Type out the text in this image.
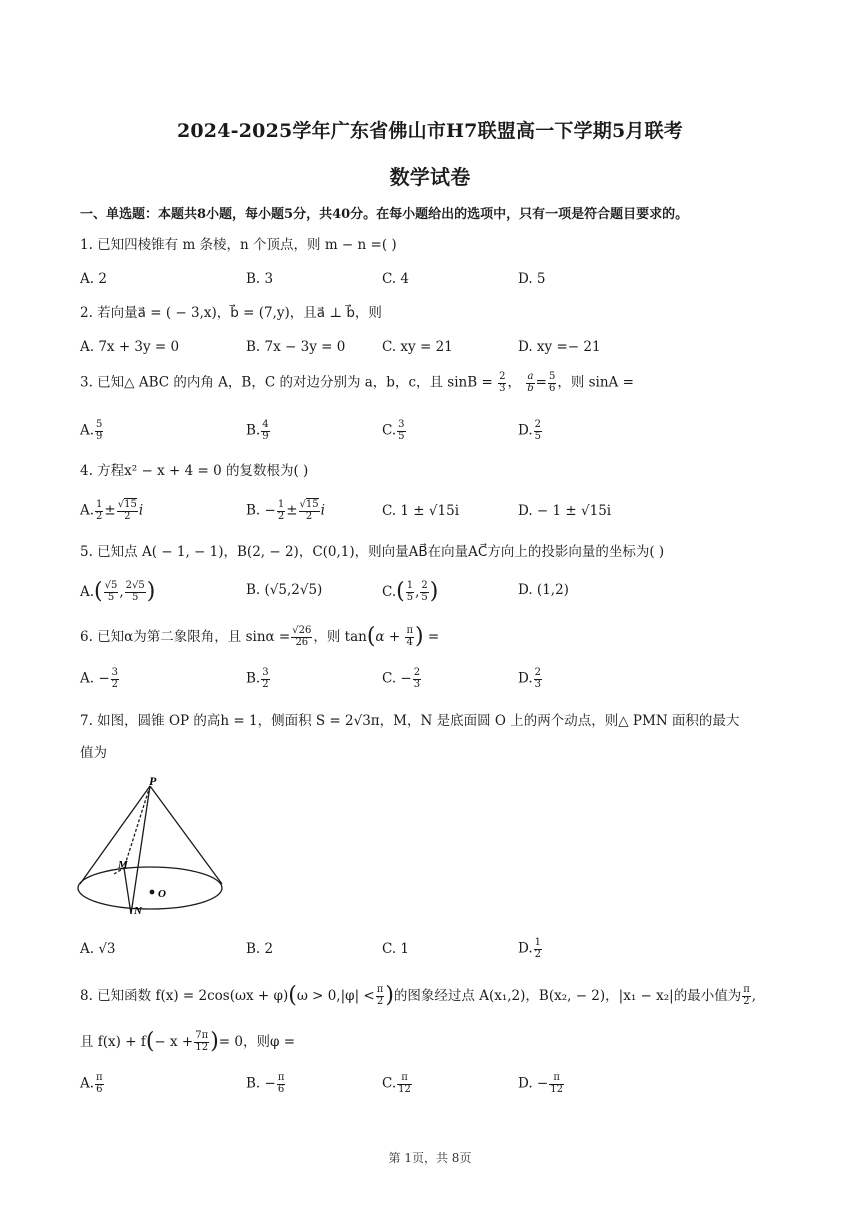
2024-2025学年广东省佛山市H7联盟高一下学期5月联考
数学试卷
一、单选题：本题共8小题，每小题5分，共40分。在每小题给出的选项中，只有一项是符合题目要求的。
1. 已知四棱锥有 m 条棱，n 个顶点，则 m − n =( )
A. 2	B. 3	C. 4	D. 5
2. 若向量a⃗ = ( − 3,x)，b⃗ = (7,y)，且a⃗ ⊥ b⃗，则
A. 7x + 3y = 0	B. 7x − 3y = 0	C. xy = 21	D. xy =− 21
3. 已知△ ABC 的内角 A，B，C 的对边分别为 a，b，c，且 $\sin B = \frac{2}{3}$ ， $\frac{a}{b} = \frac{5}{6}$ ，则 sinA =
A. $\frac{5}{9}$	B. $\frac{4}{9}$	C. $\frac{3}{5}$	D. $\frac{2}{5}$
4. 方程x² − x + 4 = 0 的复数根为( )
A. $\frac{1}{2} \pm \frac{√15}{2}$ i	B. − $\frac{1}{2} \pm \frac{√15}{2}$ i	C. 1 ± √15i	D. − 1 ± √15i
5. 已知点 A( − 1, − 1)，B(2, − 2)，C(0,1)，则向量AB⃗在向量AC⃗方向上的投影向量的坐标为( )
$A.( \frac{√5}{5}$ , $\frac{2√5}{5}$ )	B. (√5,2√5)	$C.( \frac{1}{5}$ , $\frac{2}{5}$ )	D. (1,2)
6. 已知α为第二象限角，且 $\sin\alpha = \frac{√26}{26}$ ，则 $\tan(\alpha + \frac{\pi}{4}$ ) =
A. − $\frac{3}{2}$	B. $\frac{3}{2}$	C. − $\frac{2}{3}$	D. $\frac{2}{3}$
7. 如图，圆锥 OP 的高h = 1，侧面积 S = 2√3π，M，N 是底面圆 O 上的两个动点，则△ PMN 面积的最大
值为
P
M
O
N
A. √3	B. 2	C. 1	D. $\frac{1}{2}$
8. 已知函数 $f(x) = 2\cos(\omega x + \varphi)(\omega > 0,|\varphi| < \frac{\pi}{2}$ )的图象经过点 A(x₁,2)，B(x₂, − 2)，|x₁ − x₂|的最小值为 $\frac{\pi}{2}$ ,
且 $f(x) + f(- x + \frac{7\pi}{12}$ )= 0，则φ =
A. $\frac{\pi}{6}$	B. − $\frac{\pi}{6}$	C. $\frac{\pi}{12}$	D. − $\frac{\pi}{12}$
第 1页，共 8页
